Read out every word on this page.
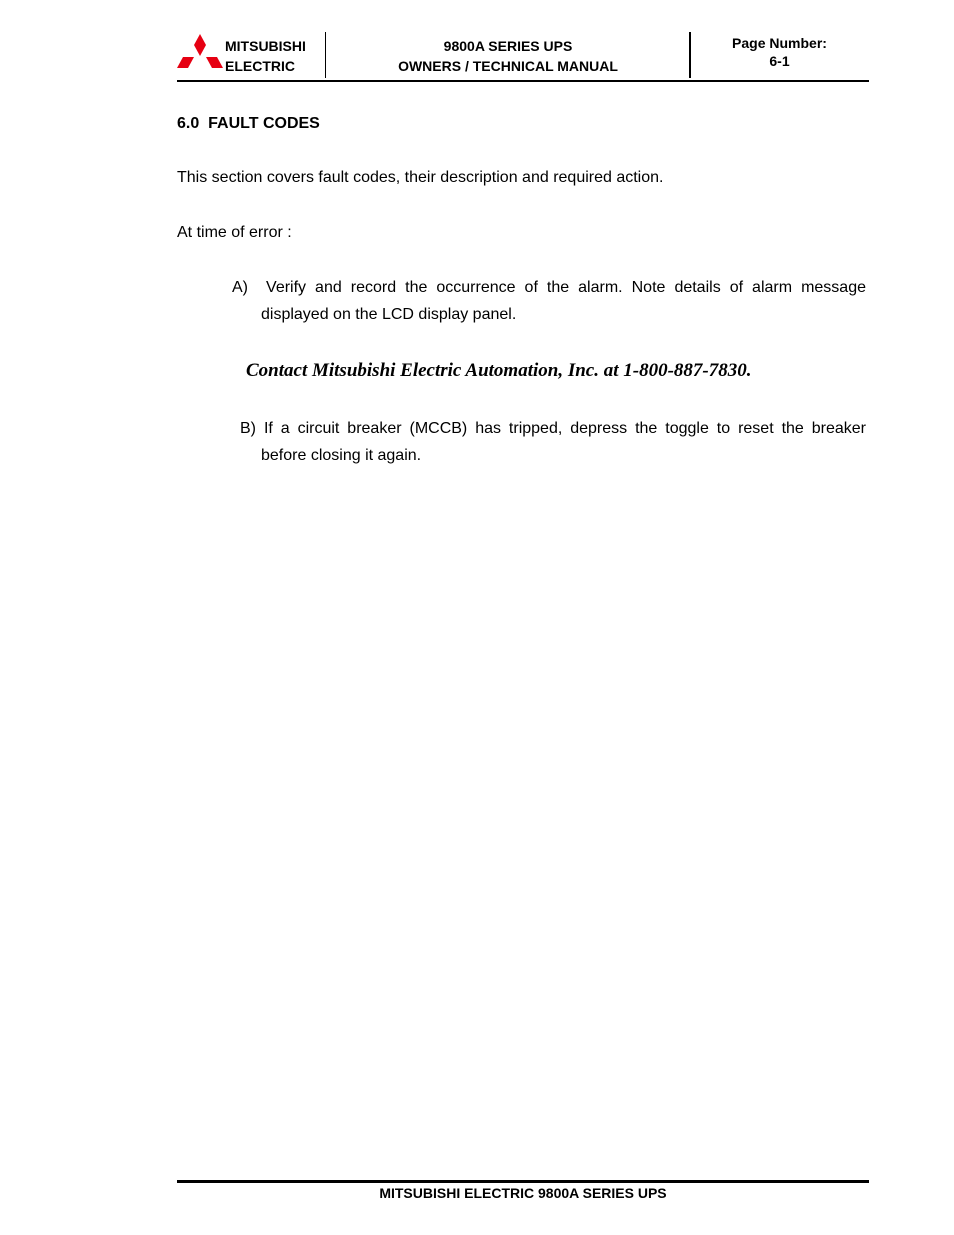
MITSUBISHI
ELECTRIC
9800A SERIES UPS
OWNERS / TECHNICAL MANUAL
Page Number:
6-1
6.0  FAULT CODES
This section covers fault codes, their description and required action.
At time of error :
A) Verify and record the occurrence of the alarm. Note details of alarm message displayed on the LCD display panel.
Contact Mitsubishi Electric Automation, Inc. at 1-800-887-7830.
B) If a circuit breaker (MCCB) has tripped, depress the toggle to reset the breaker before closing it again.
MITSUBISHI ELECTRIC 9800A SERIES UPS
